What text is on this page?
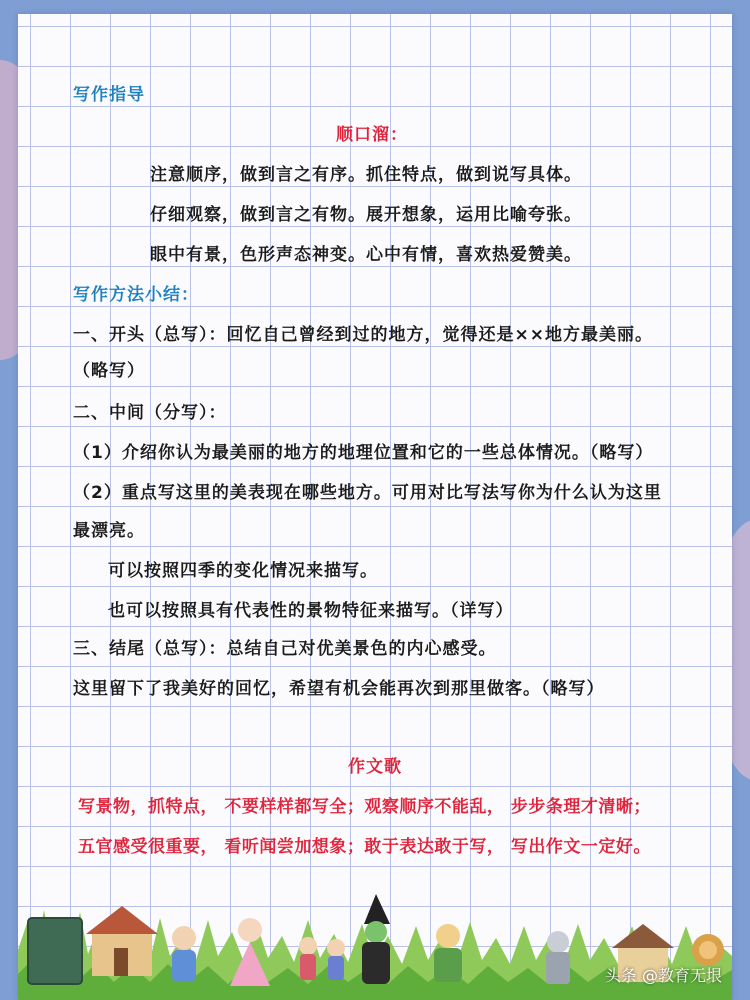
写作指导
顺口溜：
注意顺序，做到言之有序。抓住特点，做到说写具体。
仔细观察，做到言之有物。展开想象，运用比喻夸张。
眼中有景，色形声态神变。心中有情，喜欢热爱赞美。
写作方法小结：
一、开头（总写）：回忆自己曾经到过的地方，觉得还是××地方最美丽。
（略写）
二、中间（分写）：
（1）介绍你认为最美丽的地方的地理位置和它的一些总体情况。（略写）
（2）重点写这里的美表现在哪些地方。可用对比写法写你为什么认为这里
最漂亮。
可以按照四季的变化情况来描写。
也可以按照具有代表性的景物特征来描写。（详写）
三、结尾（总写）：总结自己对优美景色的内心感受。
这里留下了我美好的回忆，希望有机会能再次到那里做客。（略写）
作文歌
写景物，抓特点， 不要样样都写全；观察顺序不能乱， 步步条理才清晰；
五官感受很重要， 看听闻尝加想象；敢于表达敢于写， 写出作文一定好。
头条 @教育无垠
